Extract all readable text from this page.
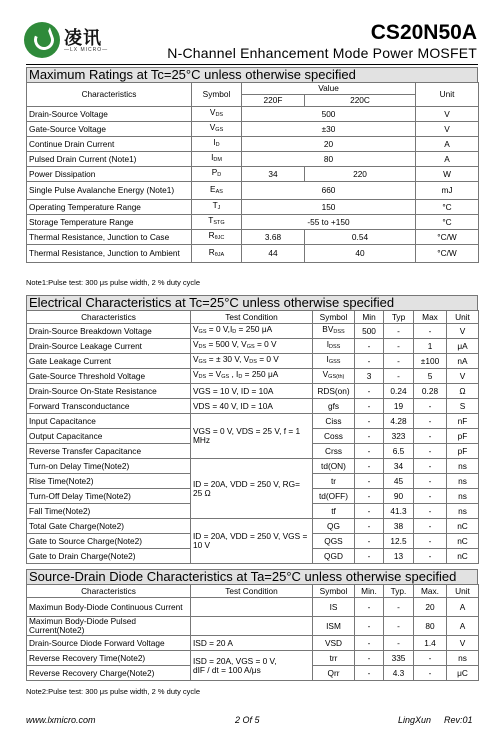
凌讯
—LX MICRO—
CS20N50A
N-Channel Enhancement Mode Power MOSFET
Maximum Ratings at Tc=25°C unless otherwise specified
Characteristics	Symbol	Value		Unit
		220F	220C	
Drain-Source Voltage	$V_{DS}$	500		V
Gate-Source Voltage	$V_{GS}$	±30		V
Continue Drain Current	$I_D$	20		A
Pulsed Drain Current (Note1)	$I_{DM}$	80		A
Power Dissipation	$P_D$	34	220	W
Single Pulse Avalanche Energy (Note1)	$E_{AS}$	660		mJ
Operating Temperature Range	$T_J$	150		°C
Storage Temperature Range	$T_{STG}$	-55 to +150		°C
Thermal Resistance, Junction to Case	$R_{\theta JC}$	3.68	0.54	°C/W
Thermal Resistance, Junction to Ambient	$R_{\theta JA}$	44	40	°C/W
Note1:Pulse test: 300 μs pulse width, 2 % duty cycle
Electrical Characteristics at Tc=25°C unless otherwise specified
Characteristics	Test Condition	Symbol	Min	Typ	Max	Unit
Drain-Source Breakdown Voltage	$V_{GS} = 0$ $V,I_D = 250$ μA	$BV_{DSS}$	500	-	-	V
Drain-Source Leakage Current	$V_{DS} = 500$ V, $V_{GS} = 0$ V	$I_{DSS}$	-	-	1	μA
Gate Leakage Current	$V_{GS}$ = ± 30 V, $V_{DS} = 0$ V	$I_{GSS}$	-	-	±100	nA
Gate-Source Threshold Voltage	$V_{DS} = V_{GS}$ , $I_D = 250$ μA	$V_{GS(th)}$	3	-	5	V
Drain-Source On-State Resistance	VGS = 10 V, ID = 10A	RDS(on)	-	0.24	0.28	Ω
Forward Transconductance	VDS = 40 V, ID = 10A	gfs	-	19	-	S
Input Capacitance	VGS = 0 V, VDS = 25 V, f = 1 MHz	Ciss	-	4.28	-	nF
Output Capacitance		Coss	-	323	-	pF
Reverse Transfer Capacitance		Crss	-	6.5	-	pF
Turn-on Delay Time(Note2)	ID = 20A, VDD = 250 V, RG= 25 Ω	td(ON)	-	34	-	ns
Rise Time(Note2)		tr	-	45	-	ns
Turn-Off Delay Time(Note2)		td(OFF)	-	90	-	ns
Fall Time(Note2)		tf	-	41.3	-	ns
Total Gate Charge(Note2)	ID = 20A, VDD = 250 V, VGS = 10 V	QG	-	38	-	nC
Gate to Source Charge(Note2)		QGS	-	12.5	-	nC
Gate to Drain Charge(Note2)		QGD	-	13	-	nC
Source-Drain Diode Characteristics at Ta=25°C unless otherwise specified
Characteristics	Test Condition	Symbol	Min.	Typ.	Max.	Unit
Maximun Body-Diode Continuous Current		IS	-	-	20	A
Maximun Body-Diode Pulsed Current(Note2)		ISM	-	-	80	A
Drain-Source Diode Forward Voltage	ISD = 20 A	VSD	-	-	1.4	V
Reverse Recovery Time(Note2)	ISD = 20A, VGS = 0 V,
dIF / dt = 100 A/μs	trr	-	335	-	ns
Reverse Recovery Charge(Note2)		Qrr	-	4.3	-	μC
Note2:Pulse test: 300 μs pulse width, 2 % duty cycle
www.lxmicro.com	2 Of 5	LingXun Rev:01
